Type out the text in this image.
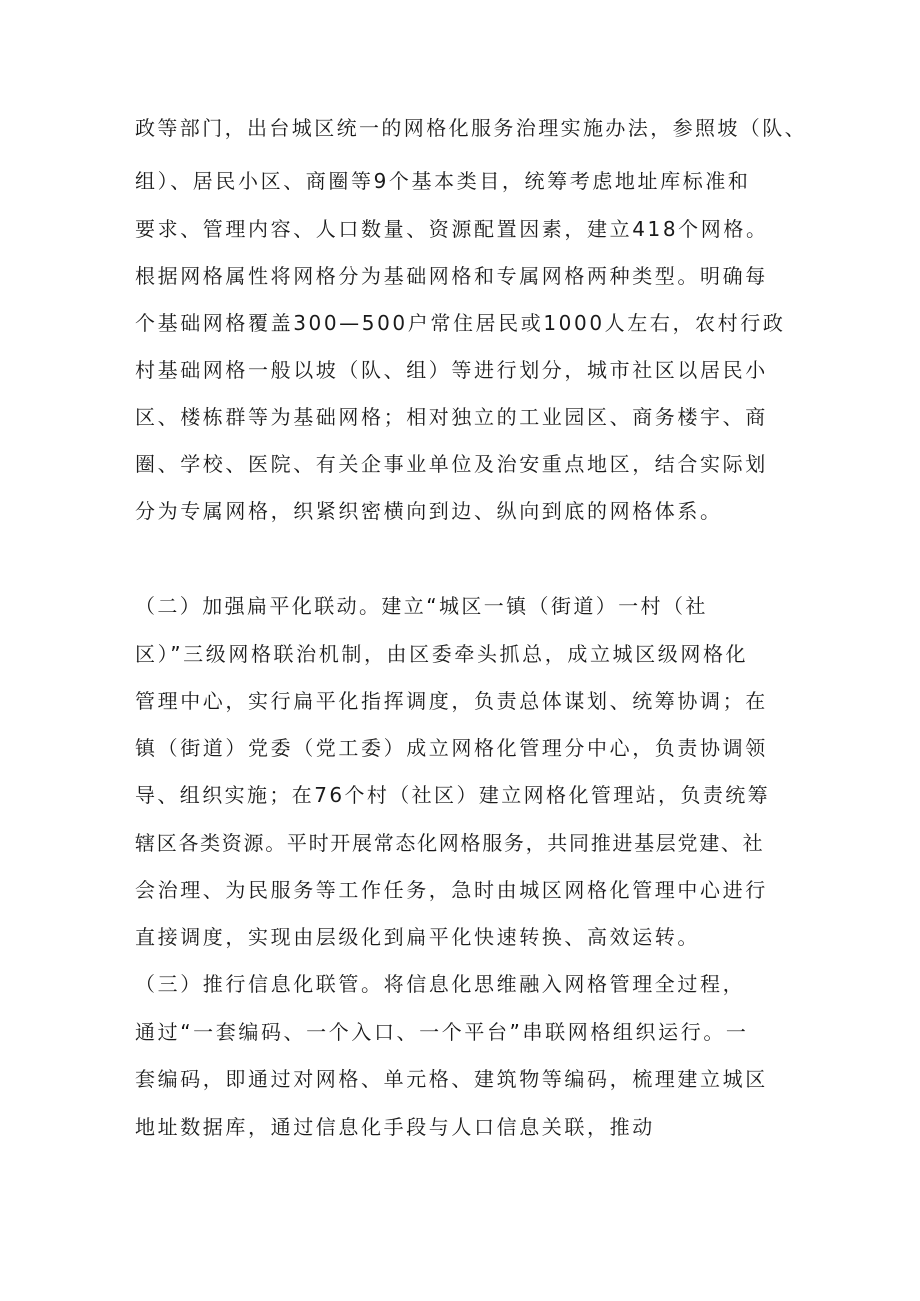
政等部门，出台城区统一的网格化服务治理实施办法，参照坡（队、
组）、居民小区、商圈等9个基本类目，统筹考虑地址库标准和
要求、管理内容、人口数量、资源配置因素，建立418个网格。
根据网格属性将网格分为基础网格和专属网格两种类型。明确每
个基础网格覆盖300—500户常住居民或1000人左右，农村行政
村基础网格一般以坡（队、组）等进行划分，城市社区以居民小
区、楼栋群等为基础网格；相对独立的工业园区、商务楼宇、商
圈、学校、医院、有关企事业单位及治安重点地区，结合实际划
分为专属网格，织紧织密横向到边、纵向到底的网格体系。
（二）加强扁平化联动。建立“城区一镇（街道）一村（社
区）”三级网格联治机制，由区委牵头抓总，成立城区级网格化
管理中心，实行扁平化指挥调度，负责总体谋划、统筹协调；在
镇（街道）党委（党工委）成立网格化管理分中心，负责协调领
导、组织实施；在76个村（社区）建立网格化管理站，负责统筹
辖区各类资源。平时开展常态化网格服务，共同推进基层党建、社
会治理、为民服务等工作任务，急时由城区网格化管理中心进行
直接调度，实现由层级化到扁平化快速转换、高效运转。
（三）推行信息化联管。将信息化思维融入网格管理全过程，
通过“一套编码、一个入口、一个平台”串联网格组织运行。一
套编码，即通过对网格、单元格、建筑物等编码，梳理建立城区
地址数据库，通过信息化手段与人口信息关联，推动
